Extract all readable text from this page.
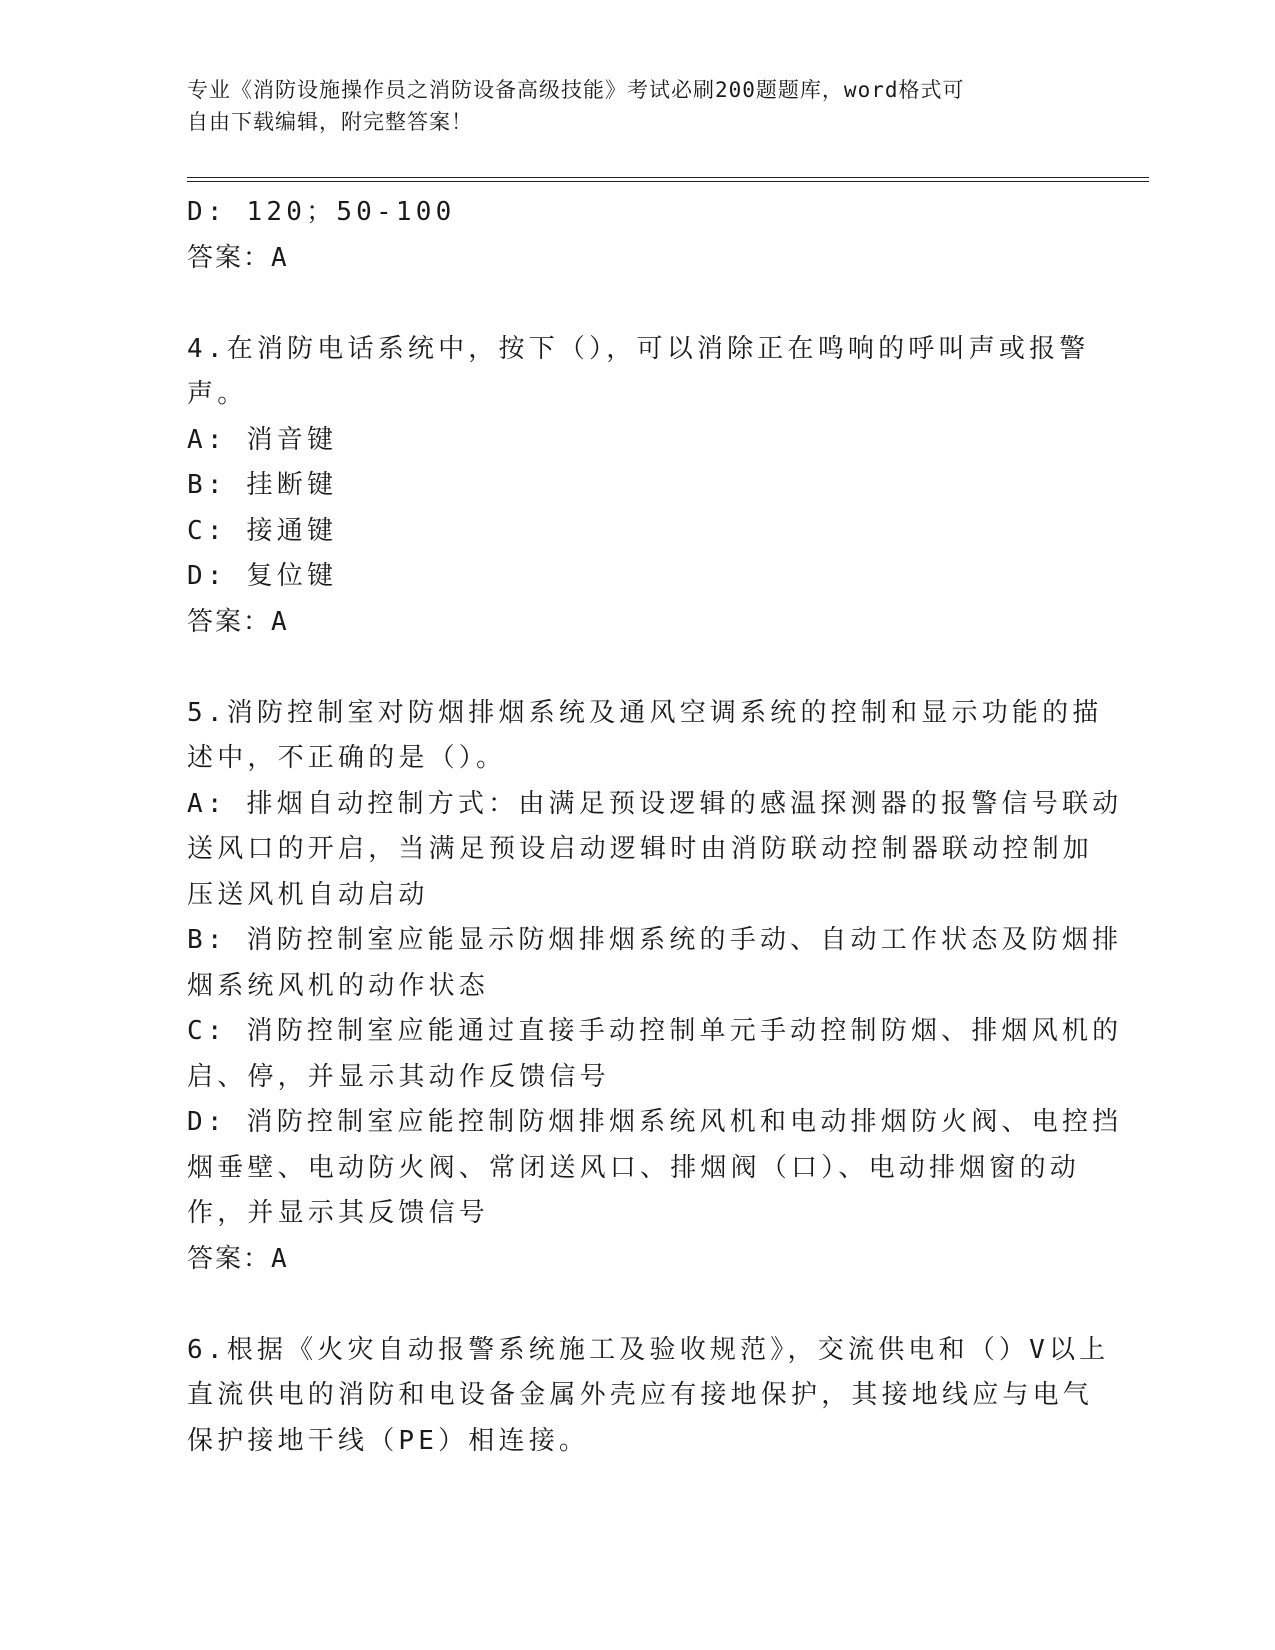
专业《消防设施操作员之消防设备高级技能》考试必刷200题题库，word格式可
自由下载编辑，附完整答案！
D: 120；50-100
答案：A
4.在消防电话系统中，按下（），可以消除正在鸣响的呼叫声或报警
声。
A: 消音键
B: 挂断键
C: 接通键
D: 复位键
答案：A
5.消防控制室对防烟排烟系统及通风空调系统的控制和显示功能的描
述中，不正确的是（）。
A: 排烟自动控制方式：由满足预设逻辑的感温探测器的报警信号联动
送风口的开启，当满足预设启动逻辑时由消防联动控制器联动控制加
压送风机自动启动
B: 消防控制室应能显示防烟排烟系统的手动、自动工作状态及防烟排
烟系统风机的动作状态
C: 消防控制室应能通过直接手动控制单元手动控制防烟、排烟风机的
启、停，并显示其动作反馈信号
D: 消防控制室应能控制防烟排烟系统风机和电动排烟防火阀、电控挡
烟垂壁、电动防火阀、常闭送风口、排烟阀（口）、电动排烟窗的动
作，并显示其反馈信号
答案：A
6.根据《火灾自动报警系统施工及验收规范》，交流供电和（）V以上
直流供电的消防和电设备金属外壳应有接地保护，其接地线应与电气
保护接地干线（PE）相连接。
